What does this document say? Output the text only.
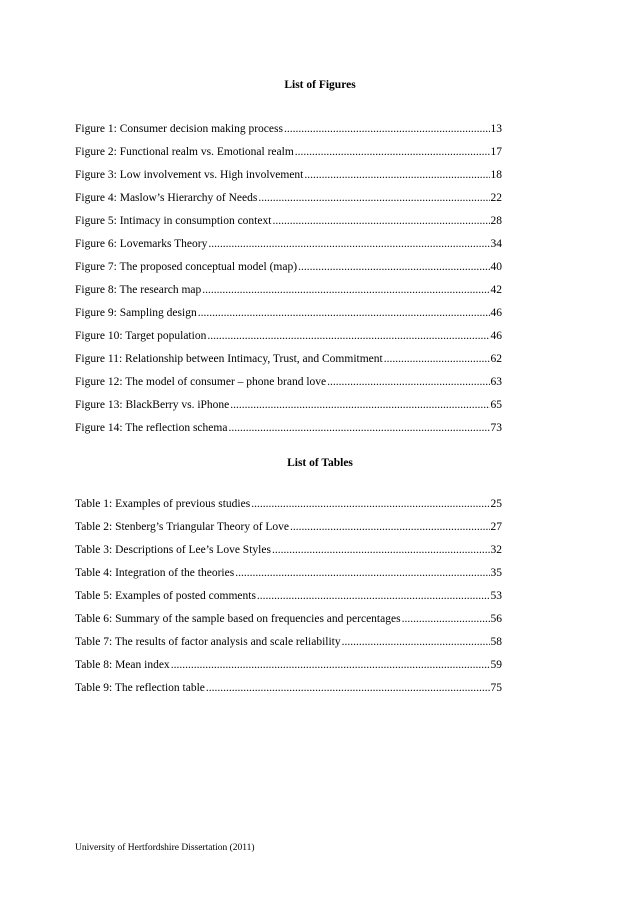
List of Figures
Figure 1: Consumer decision making process .....	13
Figure 2: Functional realm vs. Emotional realm .....	17
Figure 3: Low involvement vs. High involvement .....	18
Figure 4: Maslow’s Hierarchy of Needs .....	22
Figure 5: Intimacy in consumption context .....	28
Figure 6: Lovemarks Theory .....	34
Figure 7: The proposed conceptual model (map) .....	40
Figure 8: The research map .....	42
Figure 9: Sampling design .....	46
Figure 10: Target population .....	46
Figure 11: Relationship between Intimacy, Trust, and Commitment .....	62
Figure 12: The model of consumer – phone brand love .....	63
Figure 13: BlackBerry vs. iPhone .....	65
Figure 14: The reflection schema .....	73
List of Tables
Table 1: Examples of previous studies .....	25
Table 2: Stenberg’s Triangular Theory of Love .....	27
Table 3: Descriptions of Lee’s Love Styles .....	32
Table 4: Integration of the theories .....	35
Table 5: Examples of posted comments .....	53
Table 6: Summary of the sample based on frequencies and percentages .....	56
Table 7: The results of factor analysis and scale reliability .....	58
Table 8: Mean index .....	59
Table 9: The reflection table .....	75
University of Hertfordshire Dissertation (2011)
